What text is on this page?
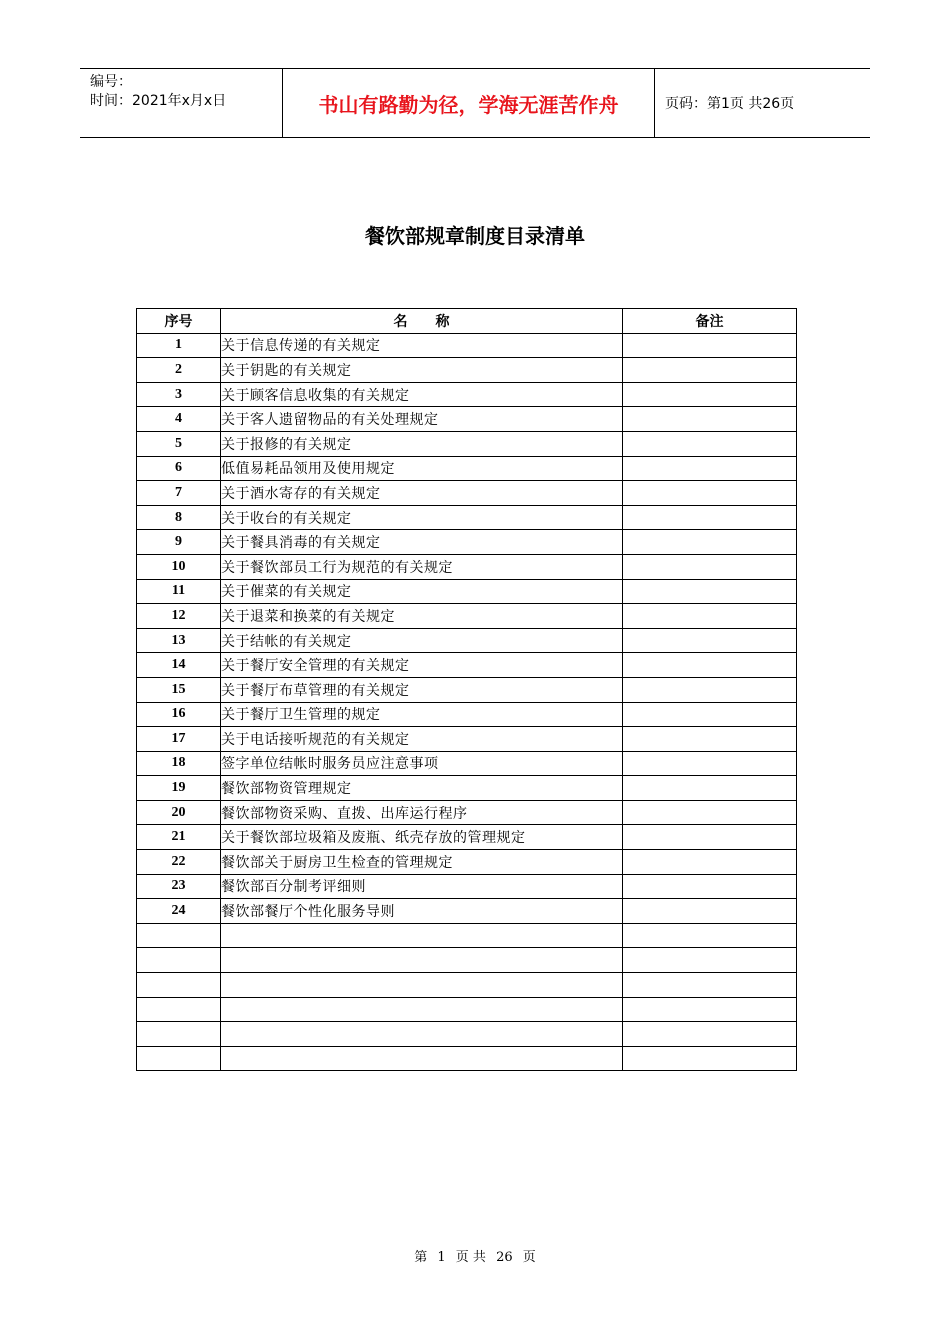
编号：
时间：2021年x月x日	书山有路勤为径，学海无涯苦作舟	页码：第1页 共26页
餐饮部规章制度目录清单
序号	名　　称	备注
1	关于信息传递的有关规定	
2	关于钥匙的有关规定	
3	关于顾客信息收集的有关规定	
4	关于客人遗留物品的有关处理规定	
5	关于报修的有关规定	
6	低值易耗品领用及使用规定	
7	关于酒水寄存的有关规定	
8	关于收台的有关规定	
9	关于餐具消毒的有关规定	
10	关于餐饮部员工行为规范的有关规定	
11	关于催菜的有关规定	
12	关于退菜和换菜的有关规定	
13	关于结帐的有关规定	
14	关于餐厅安全管理的有关规定	
15	关于餐厅布草管理的有关规定	
16	关于餐厅卫生管理的规定	
17	关于电话接听规范的有关规定	
18	签字单位结帐时服务员应注意事项	
19	餐饮部物资管理规定	
20	餐饮部物资采购、直拨、出库运行程序	
21	关于餐饮部垃圾箱及废瓶、纸壳存放的管理规定	
22	餐饮部关于厨房卫生检查的管理规定	
23	餐饮部百分制考评细则	
24	餐饮部餐厅个性化服务导则	

第 1 页 共 26 页
